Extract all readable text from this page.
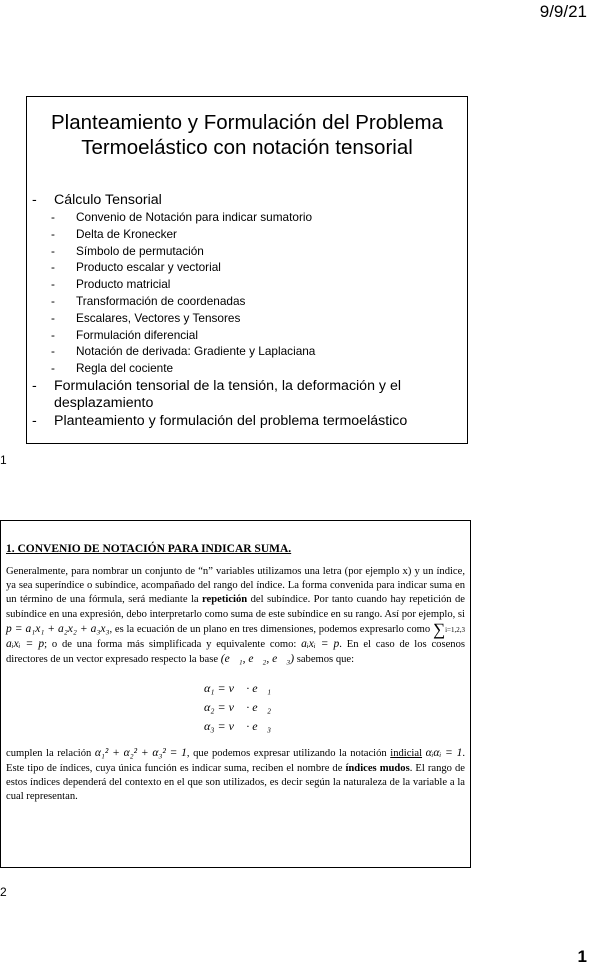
9/9/21
Planteamiento y Formulación del Problema
Termoelástico con notación tensorial
-	Cálculo Tensorial
-	Convenio de Notación para indicar sumatorio
-	Delta de Kronecker
-	Símbolo de permutación
-	Producto escalar y vectorial
-	Producto matricial
-	Transformación de coordenadas
-	Escalares, Vectores y Tensores
-	Formulación diferencial
-	Notación de derivada: Gradiente y Laplaciana
-	Regla del cociente
-	Formulación tensorial de la tensión, la deformación y el desplazamiento
-	Planteamiento y formulación del problema termoelástico
1
1. CONVENIO DE NOTACIÓN PARA INDICAR SUMA.

Generalmente, para nombrar un conjunto de “n” variables utilizamos una letra (por ejemplo x) y un índice, ya sea superíndice o subíndice, acompañado del rango del índice. La forma convenida para indicar suma en un término de una fórmula, será mediante la repetición del subíndice. Por tanto cuando hay repetición de subíndice en una expresión, debo interpretarlo como suma de este subíndice en su rango. Así por ejemplo, si p = a₁x₁ + a₂x₂ + a₃x₃, es la ecuación de un plano en tres dimensiones, podemos expresarlo como ∑i=1,2,3 aᵢxᵢ = p; o de una forma más simplificada y equivalente como: aᵢxᵢ = p. En el caso de los cosenos directores de un vector expresado respecto la base (e⃗₁, e⃗₂, e⃗₃) sabemos que:

α₁ = v⃗ · e⃗₁
α₂ = v⃗ · e⃗₂
α₃ = v⃗ · e⃗₃

cumplen la relación α₁² + α₂² + α₃² = 1, que podemos expresar utilizando la notación indicial αᵢαᵢ = 1. Este tipo de índices, cuya única función es indicar suma, reciben el nombre de índices mudos. El rango de estos índices dependerá del contexto en el que son utilizados, es decir según la naturaleza de la variable a la cual representan.

2
1
